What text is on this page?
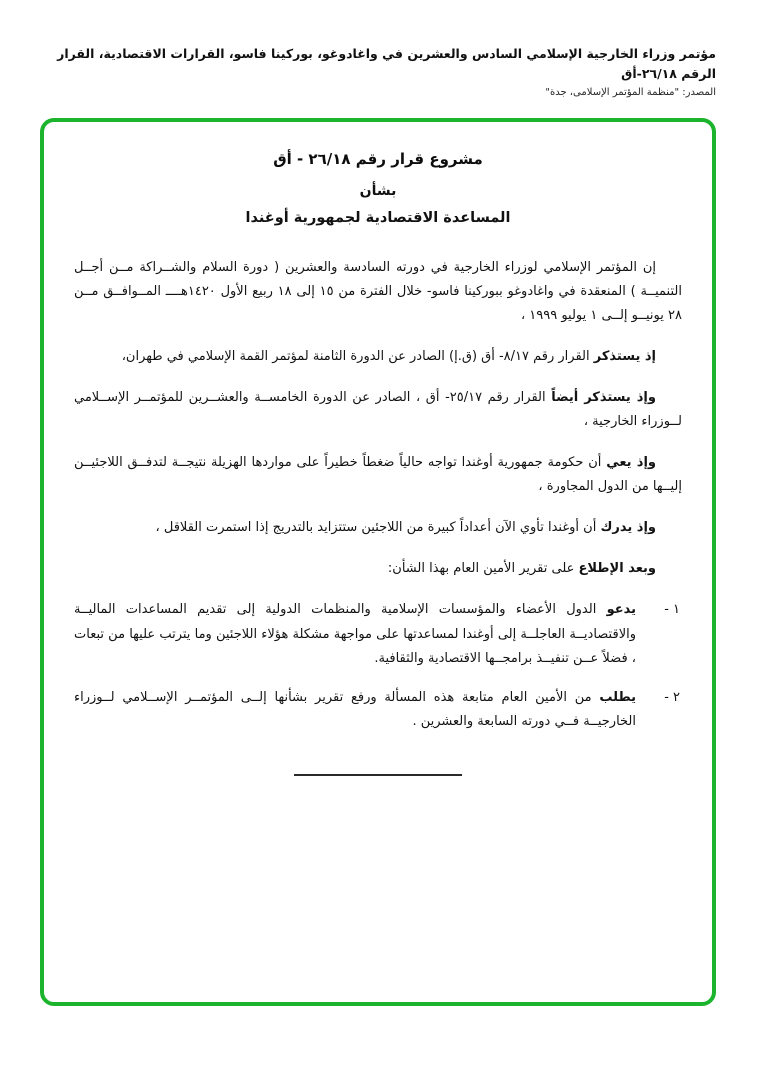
مؤتمر وزراء الخارجية الإسلامي السادس والعشرين في واغادوغو، بوركينا فاسو، القرارات الاقتصادية، القرار الرقم ٢٦/١٨-أق
المصدر: "منظمة المؤتمر الإسلامى، جدة"
مشروع قرار رقم ٢٦/١٨ - أق
بشأن
المساعدة الاقتصادية لجمهورية أوغندا

إن المؤتمر الإسلامي لوزراء الخارجية في دورته السادسة والعشرين ( دورة السلام والشــراكة مــن أجــل التنميــة ) المنعقدة في واغادوغو ببوركينا فاسو- خلال الفترة من ١٥ إلى ١٨ ربيع الأول ١٤٢٠هــــ المــوافــق مــن ٢٨ يونيــو إلــى ١ يوليو ١٩٩٩ ،

إذ يستذكر القرار رقم ٨/١٧- أق (ق.إ) الصادر عن الدورة الثامنة لمؤتمر القمة الإسلامي في طهران،

وإذ يستذكر أيضاً القرار رقم ٢٥/١٧- أق ، الصادر عن الدورة الخامســة والعشــرين للمؤتمــر الإســلامي لــوزراء الخارجية ،

وإذ يعي أن حكومة جمهورية أوغندا تواجه حالياً ضغطاً خطيراً على مواردها الهزيلة نتيجــة لتدفــق اللاجئيــن إليــها من الدول المجاورة ،

وإذ يدرك أن أوغندا تأوي الآن أعداداً كبيرة من اللاجئين ستتزايد بالتدريج إذا استمرت القلاقل ،

وبعد الإطلاع على تقرير الأمين العام بهذا الشأن:

١ -
يدعو الدول الأعضاء والمؤسسات الإسلامية والمنظمات الدولية إلى تقديم المساعدات الماليــة والاقتصاديــة العاجلــة إلى أوغندا لمساعدتها على مواجهة مشكلة هؤلاء اللاجئين وما يترتب عليها من تبعات ، فضلاً عــن تنفيــذ برامجــها الاقتصادية والثقافية.
٢ -
يطلب من الأمين العام متابعة هذه المسألة ورفع تقرير بشأنها إلــى المؤتمــر الإســلامي لــوزراء الخارجيــة فــي دورته السابعة والعشرين .
